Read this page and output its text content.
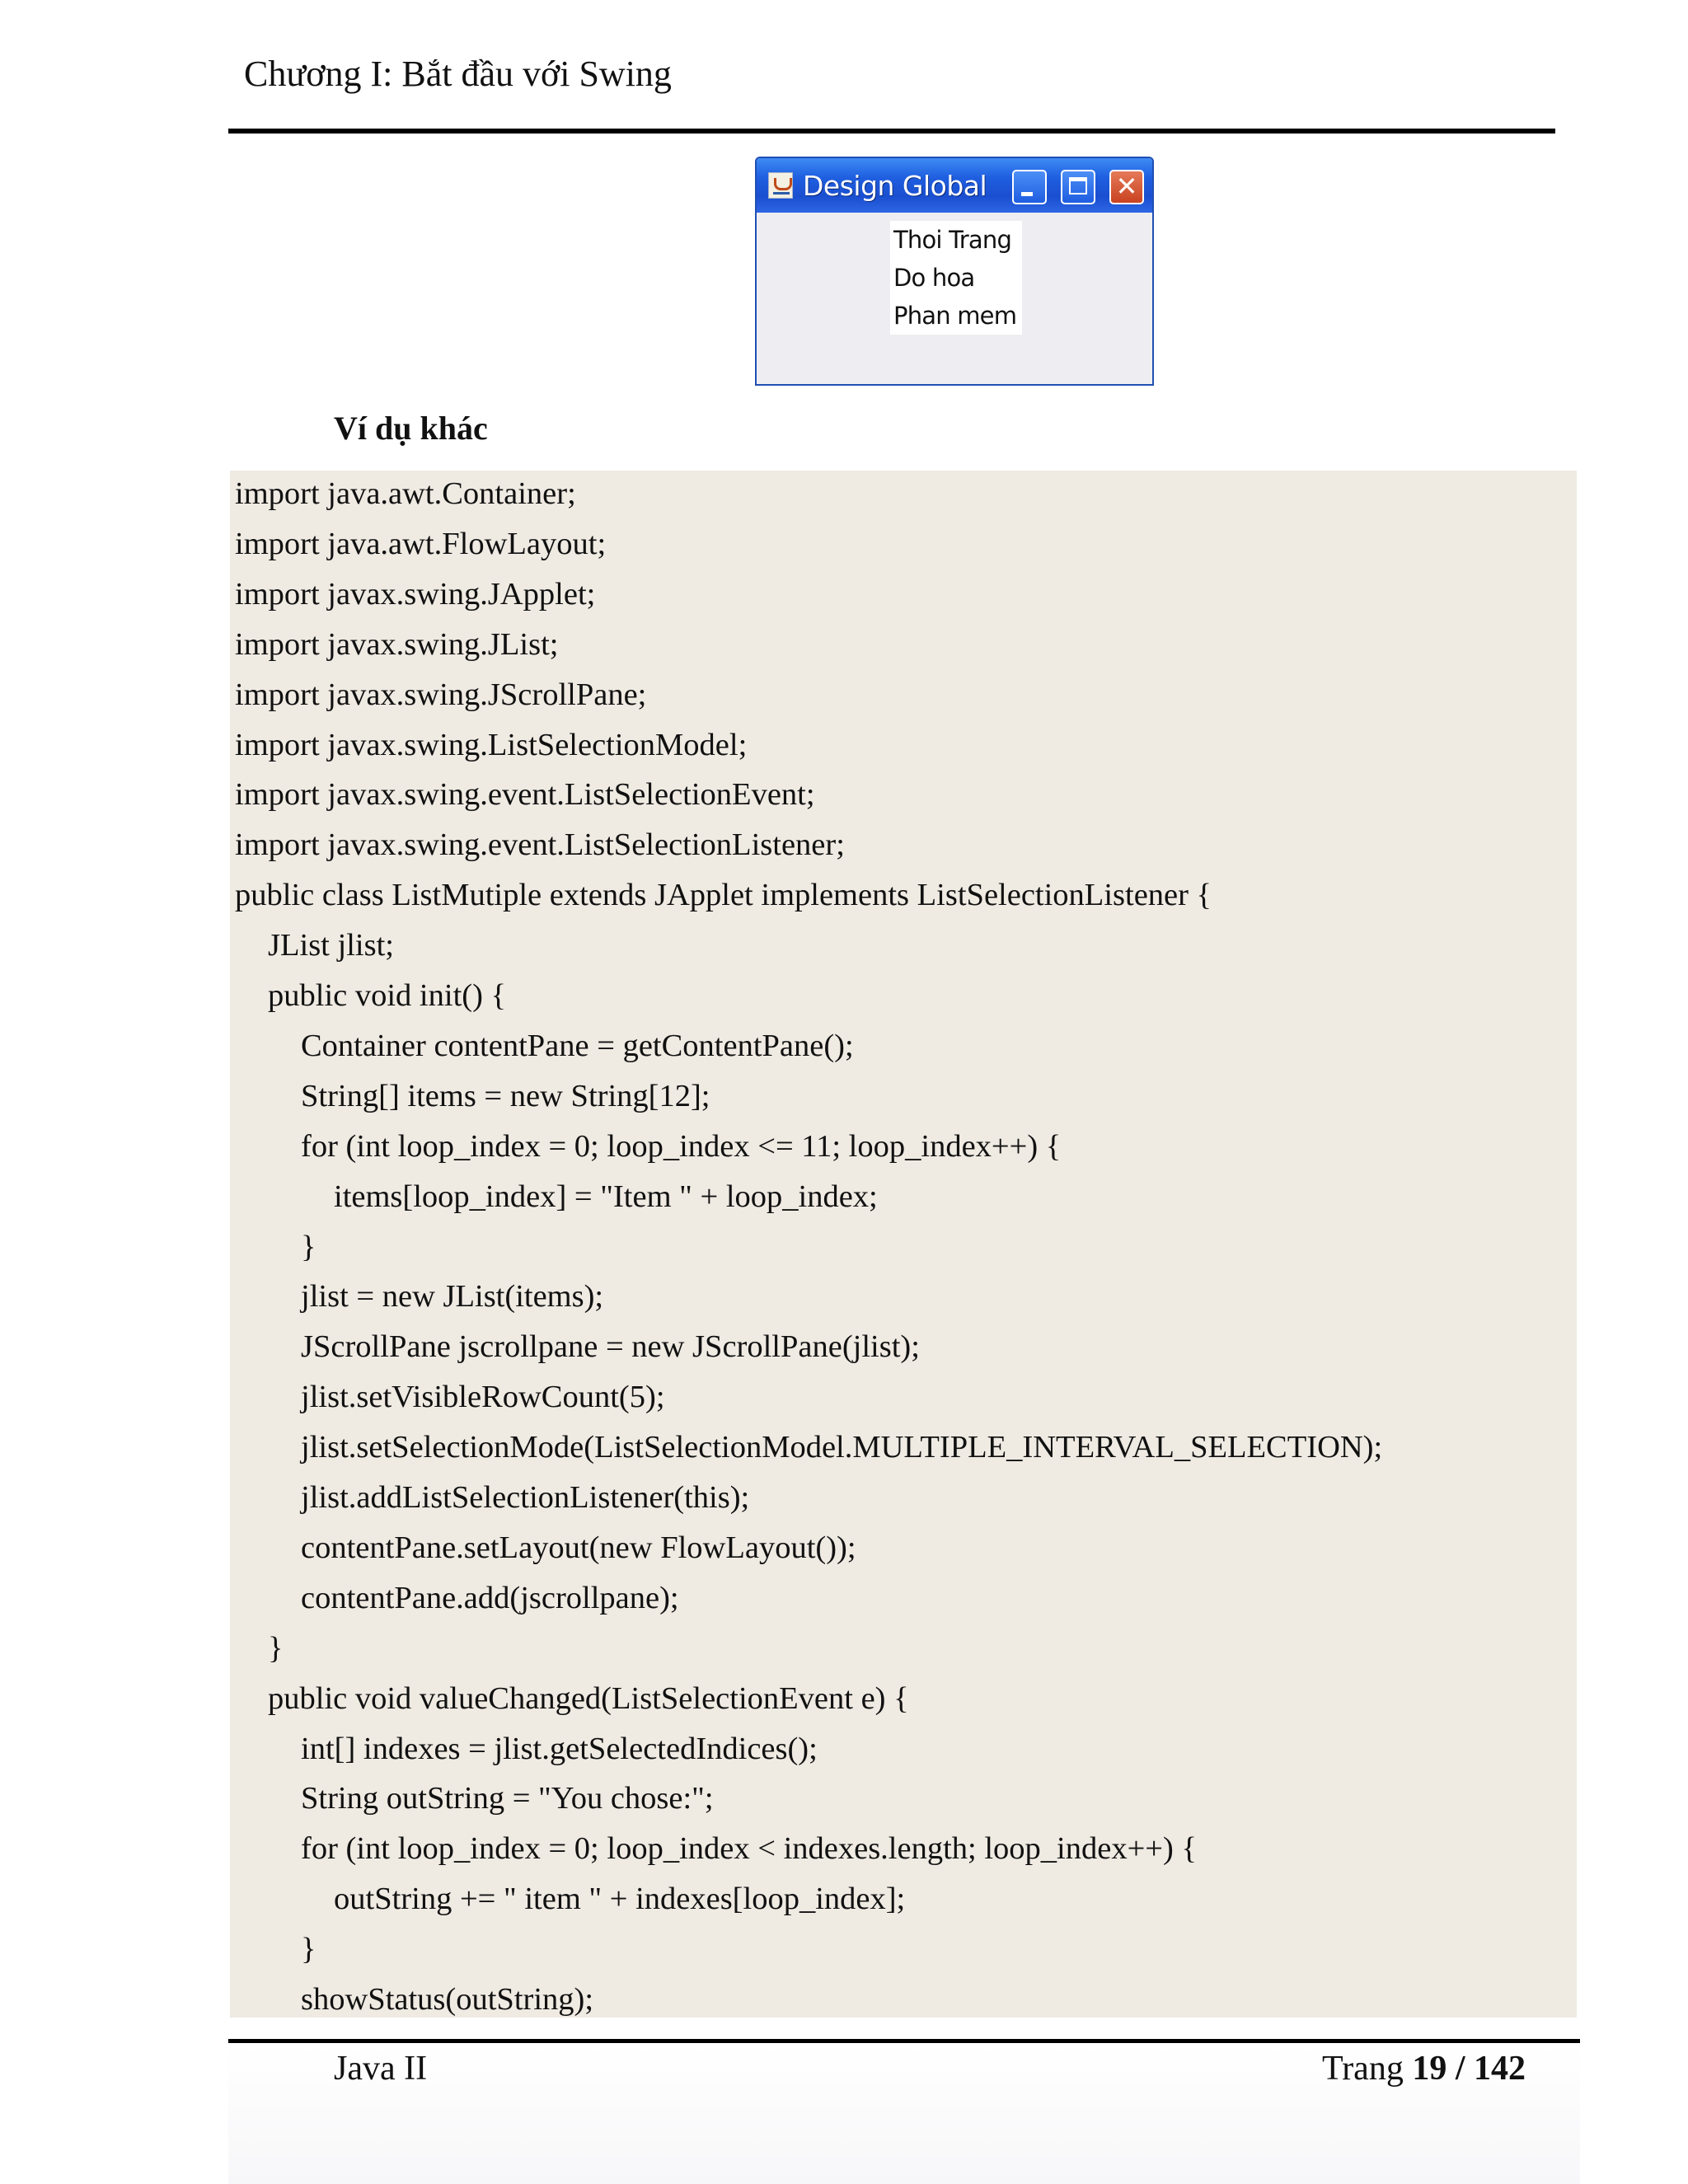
Chương I: Bắt đầu với Swing
Design Global	✕
Thoi Trang
Do hoa
Phan mem
Ví dụ khác
import java.awt.Container;
import java.awt.FlowLayout;
import javax.swing.JApplet;
import javax.swing.JList;
import javax.swing.JScrollPane;
import javax.swing.ListSelectionModel;
import javax.swing.event.ListSelectionEvent;
import javax.swing.event.ListSelectionListener;
public class ListMutiple extends JApplet implements ListSelectionListener {
JList jlist;
public void init() {
Container contentPane = getContentPane();
String[] items = new String[12];
for (int loop_index = 0; loop_index <= 11; loop_index++) {
items[loop_index] = "Item " + loop_index;
}
jlist = new JList(items);
JScrollPane jscrollpane = new JScrollPane(jlist);
jlist.setVisibleRowCount(5);
jlist.setSelectionMode(ListSelectionModel.MULTIPLE_INTERVAL_SELECTION);
jlist.addListSelectionListener(this);
contentPane.setLayout(new FlowLayout());
contentPane.add(jscrollpane);
}
public void valueChanged(ListSelectionEvent e) {
int[] indexes = jlist.getSelectedIndices();
String outString = "You chose:";
for (int loop_index = 0; loop_index < indexes.length; loop_index++) {
outString += " item " + indexes[loop_index];
}
showStatus(outString);
Java II	Trang 19 / 142
